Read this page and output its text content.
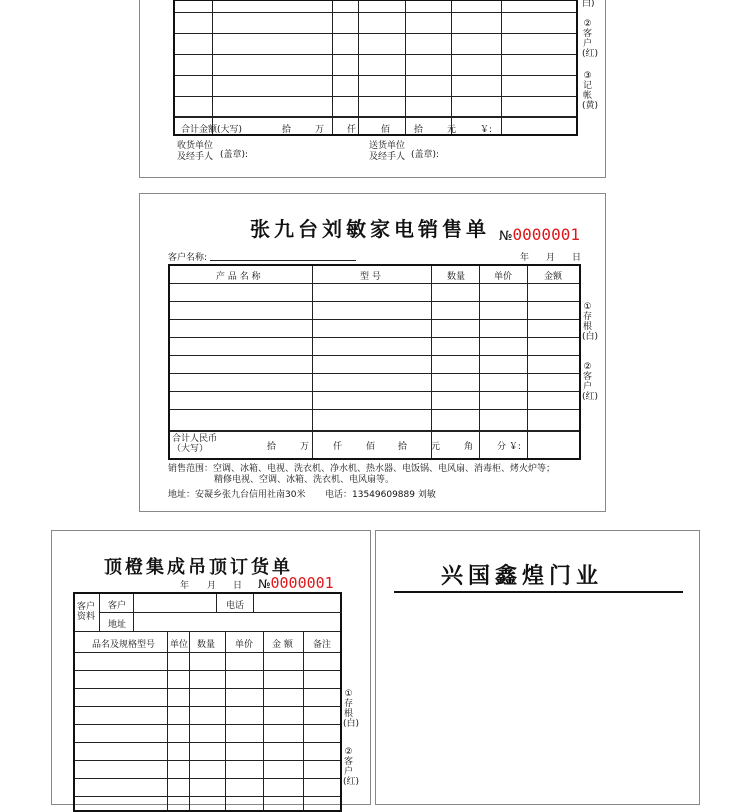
合计金额(大写)	拾	万	仟	佰	拾	元	￥:
白)
②客户(红)
③记帐(黄)
收货单位
及经手人 (盖章):
送货单位
及经手人 (盖章):
张九台刘敏家电销售单 №0000001
客户名称:	年 月 日
产 品 名 称	型 号	数量	单价	金额
合计人民币
（大写）	拾	万	仟	佰	拾	元	角	分 ￥:
①存根(白)
②客户(红)
销售范围：空调、冰箱、电视、洗衣机、净水机、热水器、电饭锅、电风扇、消毒柜、烤火炉等；
精修电视、空调、冰箱、洗衣机、电风扇等。
地址：安凝乡张九台信用社南30米 电话：13549609889 刘敏
顶橙集成吊顶订货单
年 月 日 №0000001
客户
资料
客户	电话
地址
品名及规格型号 单位 数量 单价 金 额 备注
①存根(白)
②客户(红)
兴国鑫煌门业
